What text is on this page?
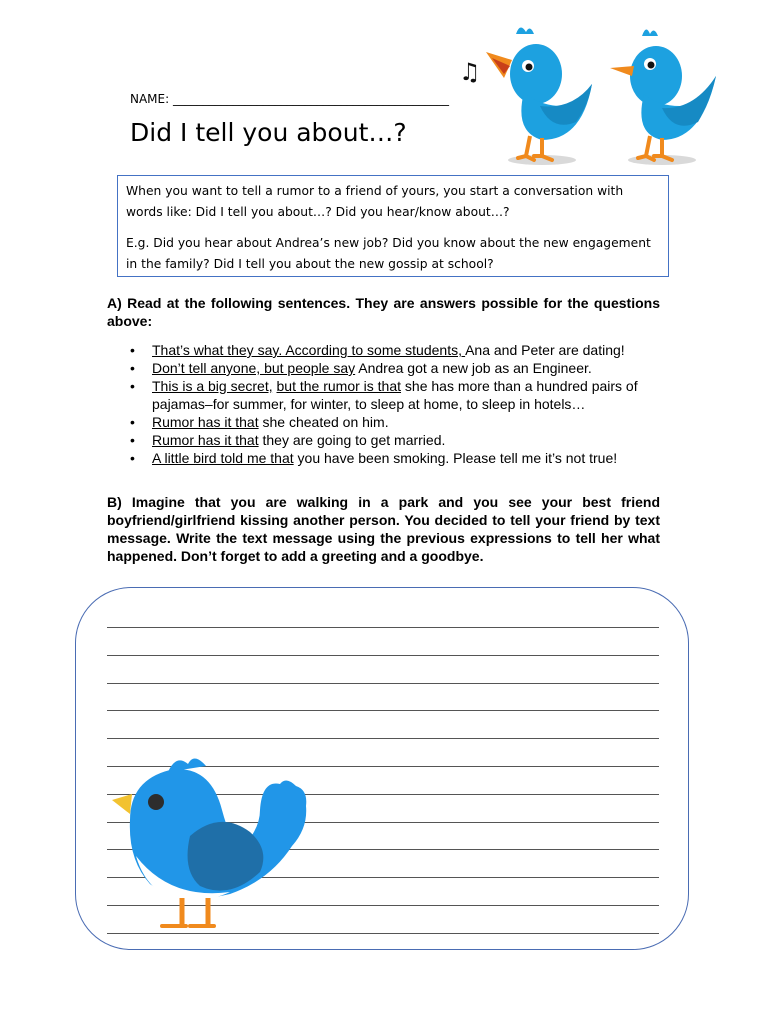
NAME: ______________________________________________
Did I tell you about…?
♫

When you want to tell a rumor to a friend of yours, you start a conversation with words like: Did I tell you about…? Did you hear/know about…?

E.g. Did you hear about Andrea’s new job? Did you know about the new engagement in the family? Did I tell you about the new gossip at school?

A) Read at the following sentences. They are answers possible for the questions above:
• That’s what they say. According to some students, Ana and Peter are dating!
• Don’t tell anyone, but people say Andrea got a new job as an Engineer.
• This is a big secret, but the rumor is that she has more than a hundred pairs of pajamas–for summer, for winter, to sleep at home, to sleep in hotels…
• Rumor has it that she cheated on him.
• Rumor has it that they are going to get married.
• A little bird told me that you have been smoking. Please tell me it’s not true!
B) Imagine that you are walking in a park and you see your best friend boyfriend/girlfriend kissing another person. You decided to tell your friend by text message. Write the text message using the previous expressions to tell her what happened. Don’t forget to add a greeting and a goodbye.
